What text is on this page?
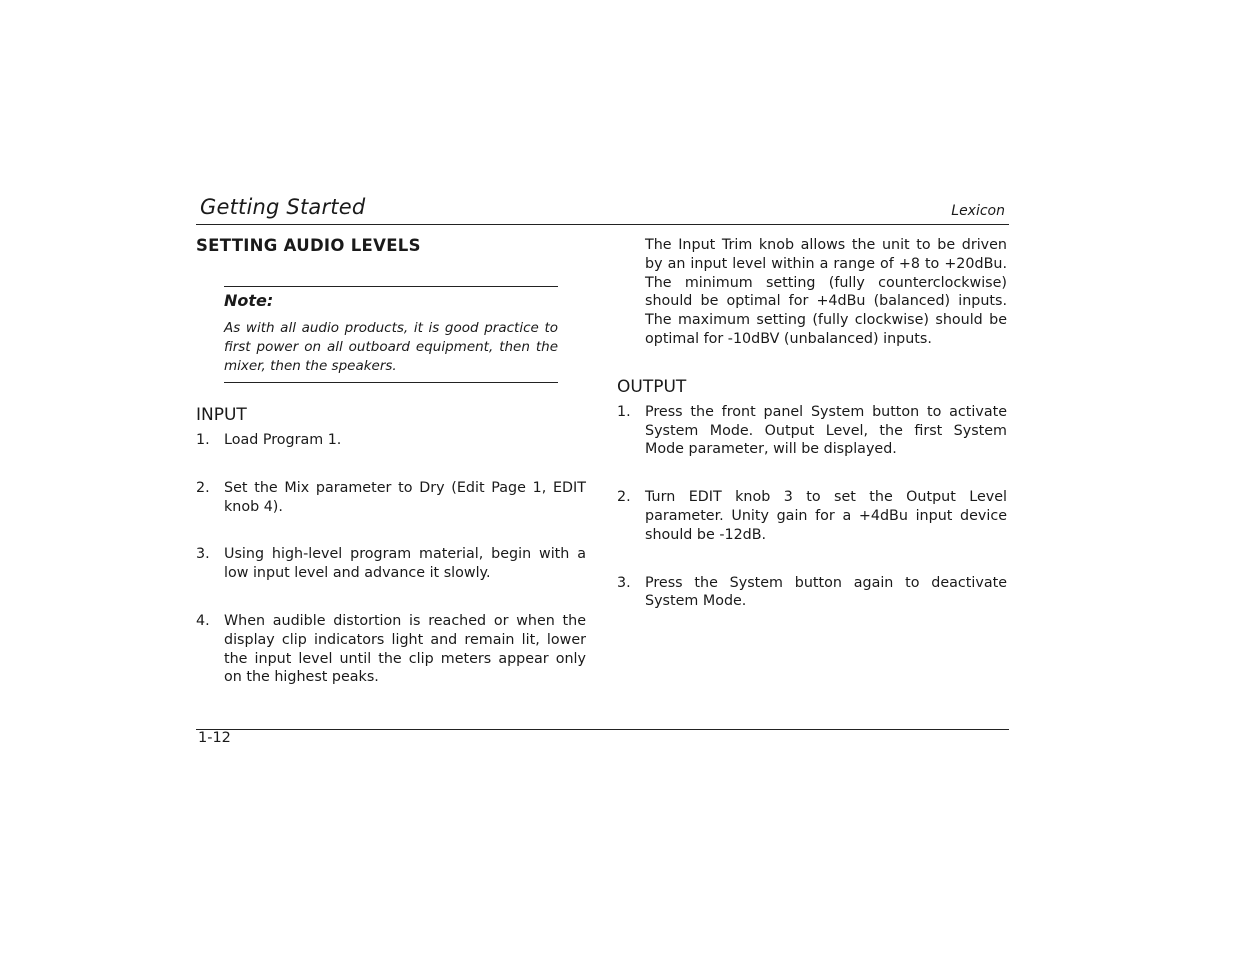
Getting Started	Lexicon
SETTING AUDIO LEVELS
Note:
As with all audio products, it is good practice to first power on all outboard equipment, then the mixer, then the speakers.
INPUT
1. Load Program 1.
2. Set the Mix parameter to Dry (Edit Page 1, EDIT knob 4).
3. Using high-level program material, begin with a low input level and advance it slowly.
4. When audible distortion is reached or when the display clip indicators light and remain lit, lower the input level until the clip meters appear only on the highest peaks.

The Input Trim knob allows the unit to be driven by an input level within a range of +8 to +20dBu. The minimum setting (fully counterclockwise) should be optimal for +4dBu (balanced) inputs. The maximum setting (fully clockwise) should be optimal for -10dBV (unbalanced) inputs.

OUTPUT
1. Press the front panel System button to activate System Mode. Output Level, the first System Mode parameter, will be displayed.
2. Turn EDIT knob 3 to set the Output Level parameter. Unity gain for a +4dBu input device should be -12dB.
3. Press the System button again to deactivate System Mode.
1-12
